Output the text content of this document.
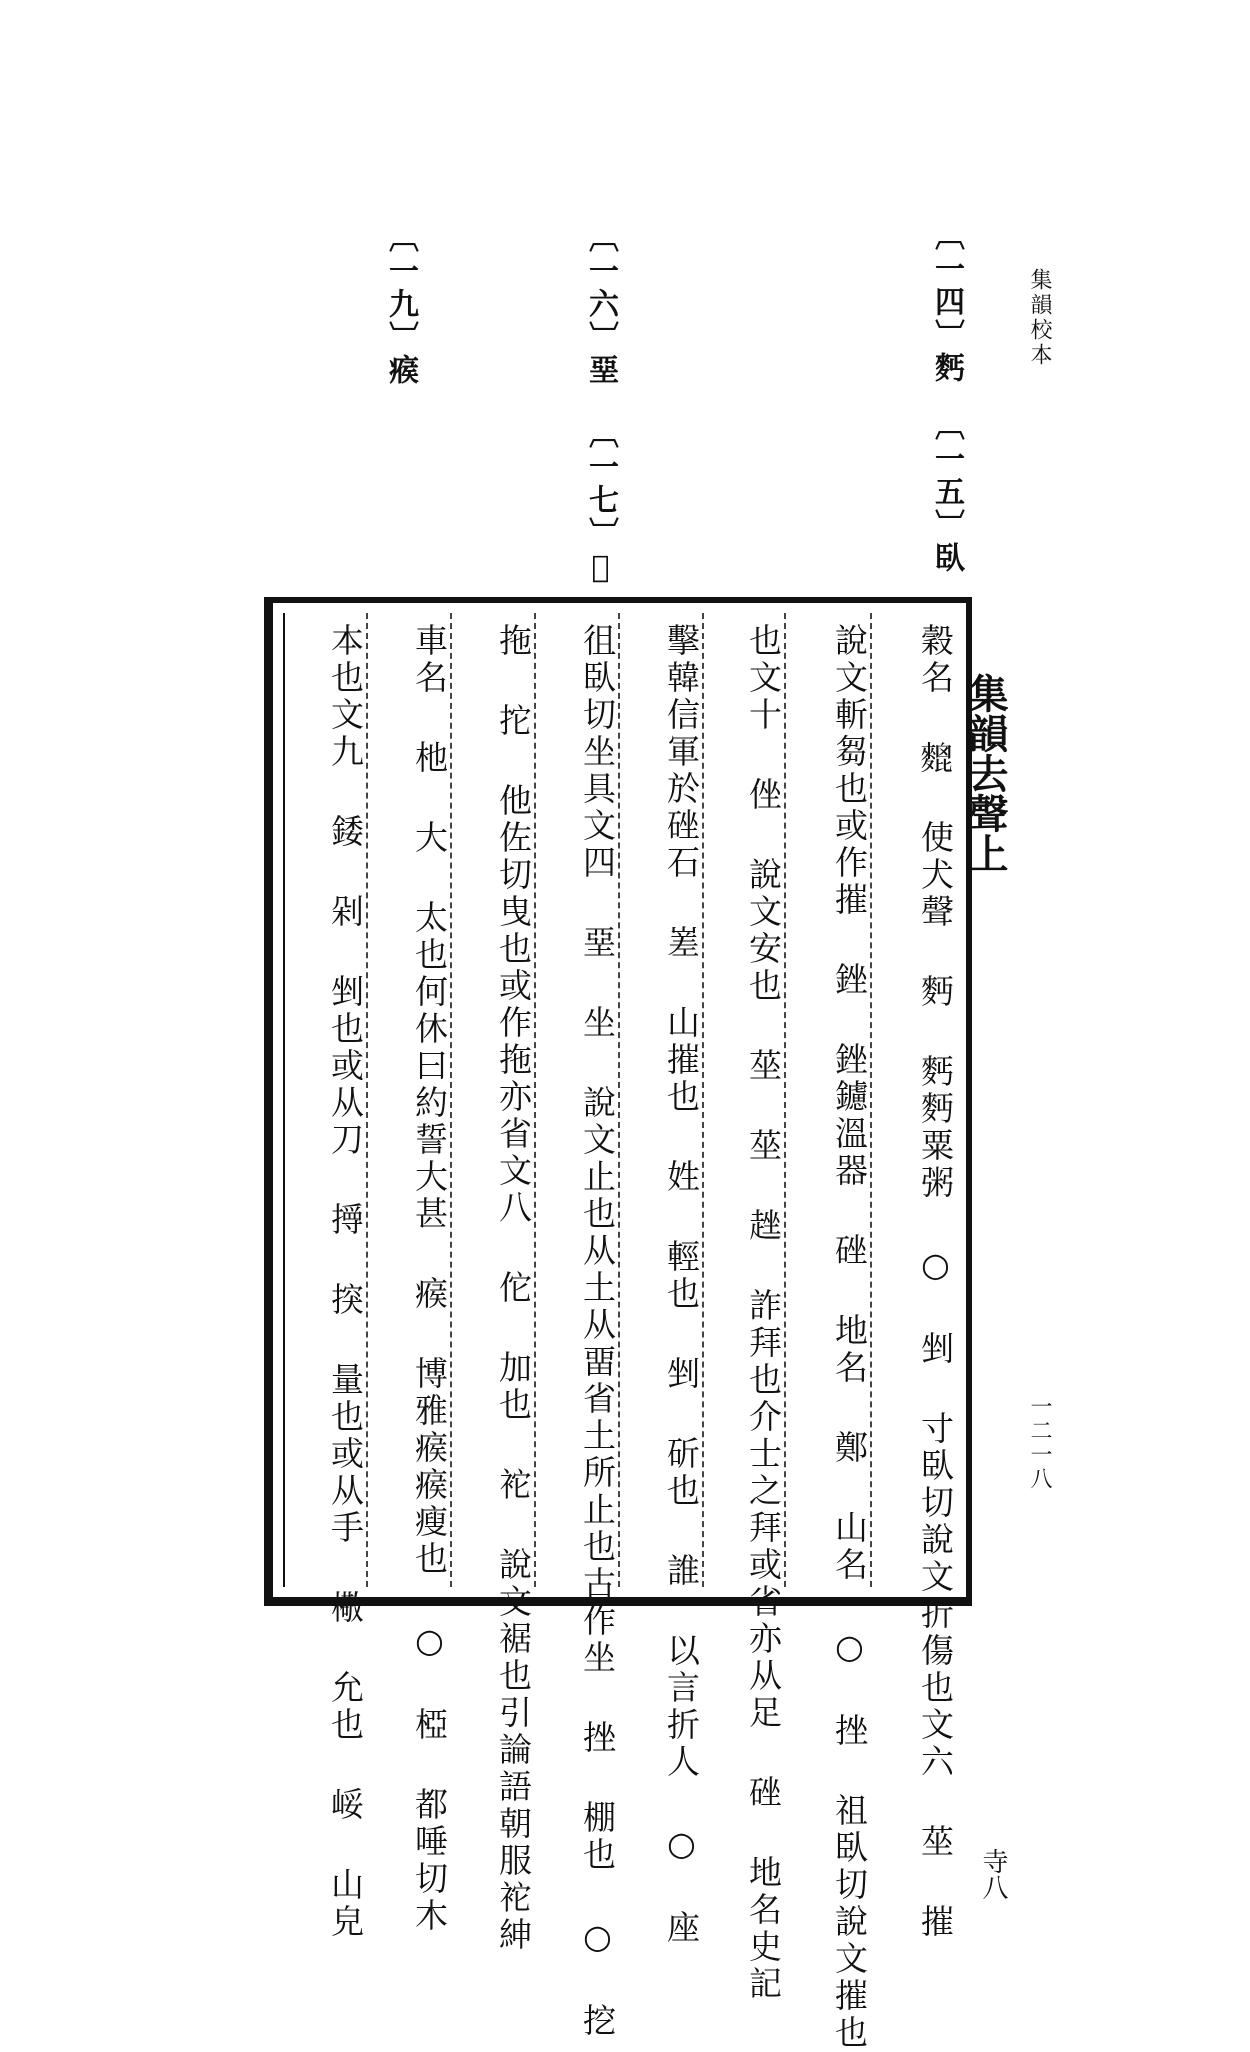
集韻校本
一二一八
〔一四〕麫
〔一五〕臥
〔一六〕堊
〔一七〕𢶄
〔一九〕瘊
集韻去聲上
寺八
穀名 𪍜 使犬聲 麪 麫麪粟粥 ○ 剉 寸臥切說文折傷也文六 莝 摧
說文斬芻也或作摧 銼 銼鑢溫器 䂳 地名 鄭 山名 ○ 挫 祖臥切說文摧也
也文十 侳 說文安也 莝 莝 趖 詐拜也介士之拜或省亦从足 䂳 地名史記
擊韓信軍於䂳石 嵳 山摧也 姓 輕也 剉 斫也 誰 以言折人 ○ 座
徂臥切坐具文四 堊 坐 說文止也从土从畱省土所止也古作坐 挫 棚也 ○ 挖
拖 拕 他佐切曳也或作拖亦省文八 佗 加也 袉 說文裾也引論語朝服袉紳
車名 杝 大 太也何休曰約誓大甚 瘊 博雅瘊瘊瘦也 ○ 椏 都唾切木
本也文九 錗 剁 剉也或从刀 㩊 揬 量也或从手 㯳 允也 㟎 山皃
